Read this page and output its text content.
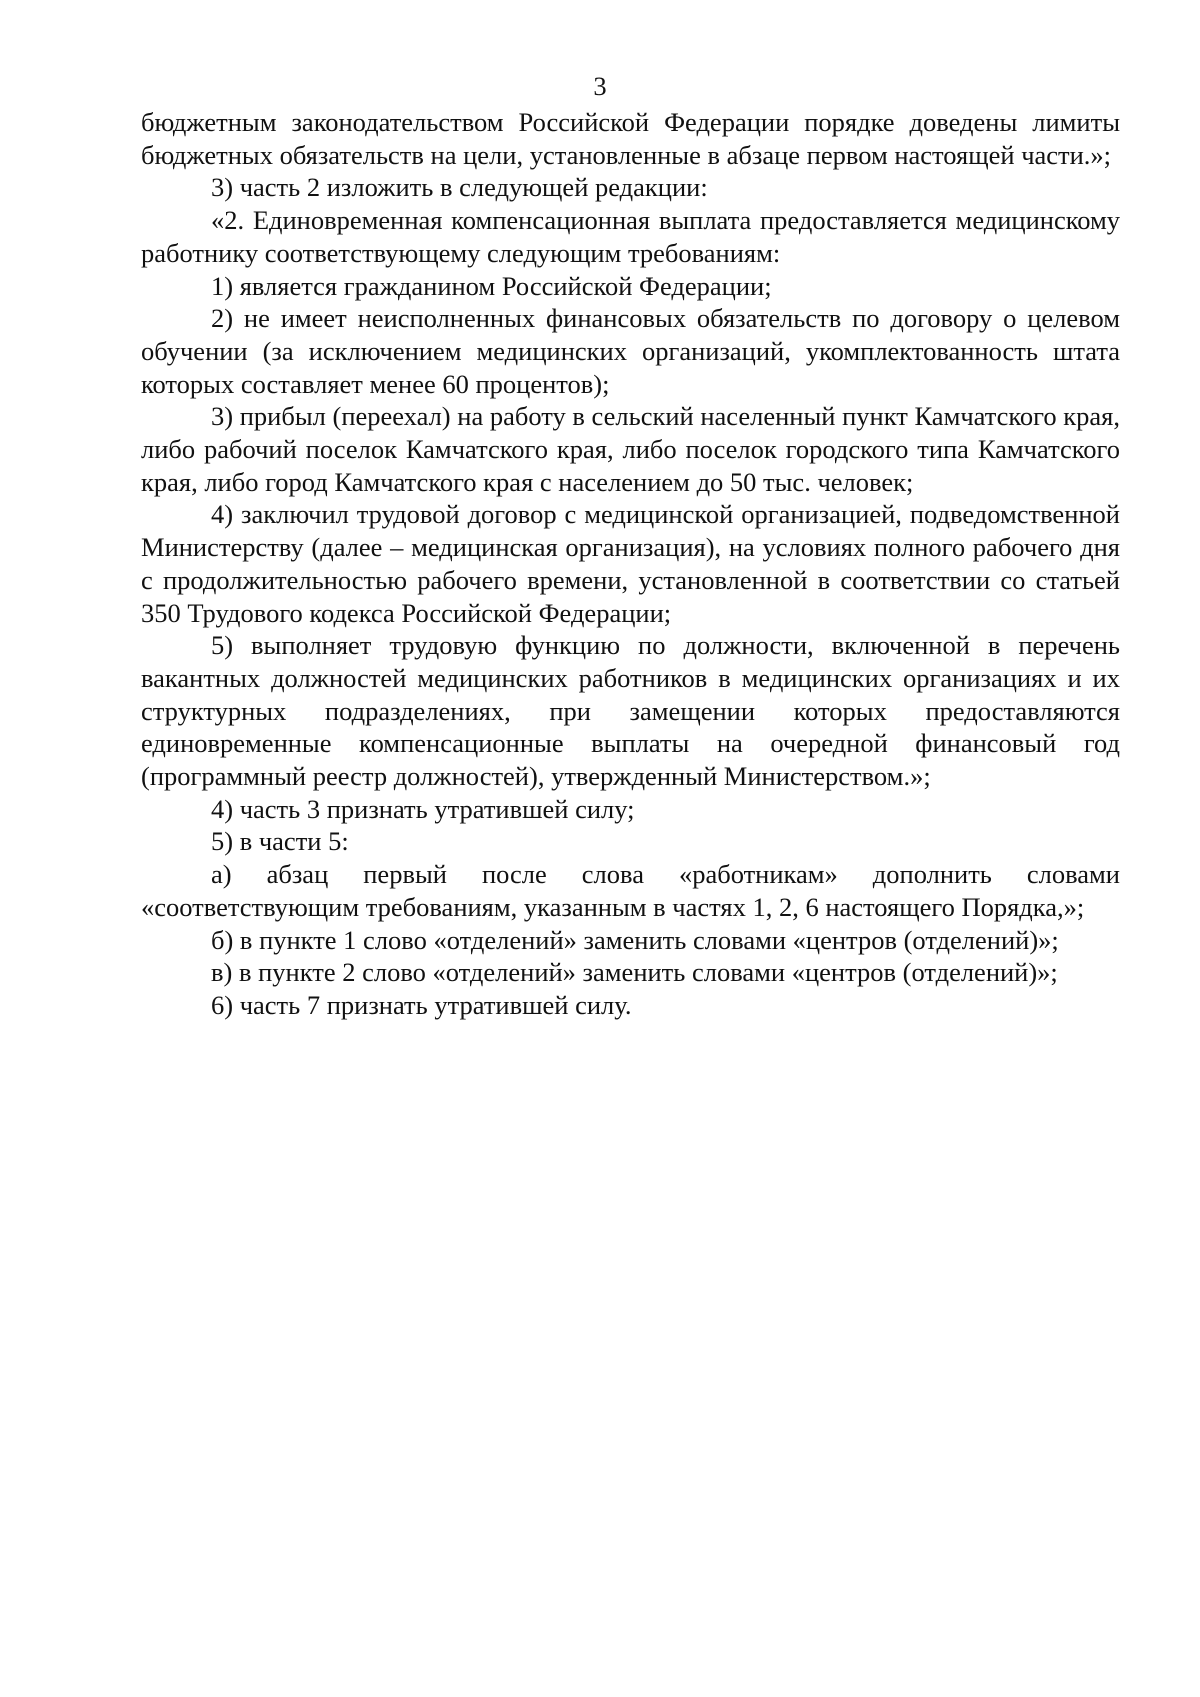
3

бюджетным законодательством Российской Федерации порядке доведены лимиты бюджетных обязательств на цели, установленные в абзаце первом настоящей части.»;

3) часть 2 изложить в следующей редакции:

«2. Единовременная компенсационная выплата предоставляется медицинскому работнику соответствующему следующим требованиям:

1) является гражданином Российской Федерации;

2) не имеет неисполненных финансовых обязательств по договору о целевом обучении (за исключением медицинских организаций, укомплектованность штата которых составляет менее 60 процентов);

3) прибыл (переехал) на работу в сельский населенный пункт Камчатского края, либо рабочий поселок Камчатского края, либо поселок городского типа Камчатского края, либо город Камчатского края с населением до 50 тыс. человек;

4) заключил трудовой договор с медицинской организацией, подведомственной Министерству (далее – медицинская организация), на условиях полного рабочего дня с продолжительностью рабочего времени, установленной в соответствии со статьей 350 Трудового кодекса Российской Федерации;

5) выполняет трудовую функцию по должности, включенной в перечень вакантных должностей медицинских работников в медицинских организациях и их структурных подразделениях, при замещении которых предоставляются единовременные компенсационные выплаты на очередной финансовый год (программный реестр должностей), утвержденный Министерством.»;

4) часть 3 признать утратившей силу;

5) в части 5:

а) абзац первый после слова «работникам» дополнить словами «соответствующим требованиям, указанным в частях 1, 2, 6 настоящего Порядка,»;

б) в пункте 1 слово «отделений» заменить словами «центров (отделений)»;

в) в пункте 2 слово «отделений» заменить словами «центров (отделений)»;

6) часть 7 признать утратившей силу.
